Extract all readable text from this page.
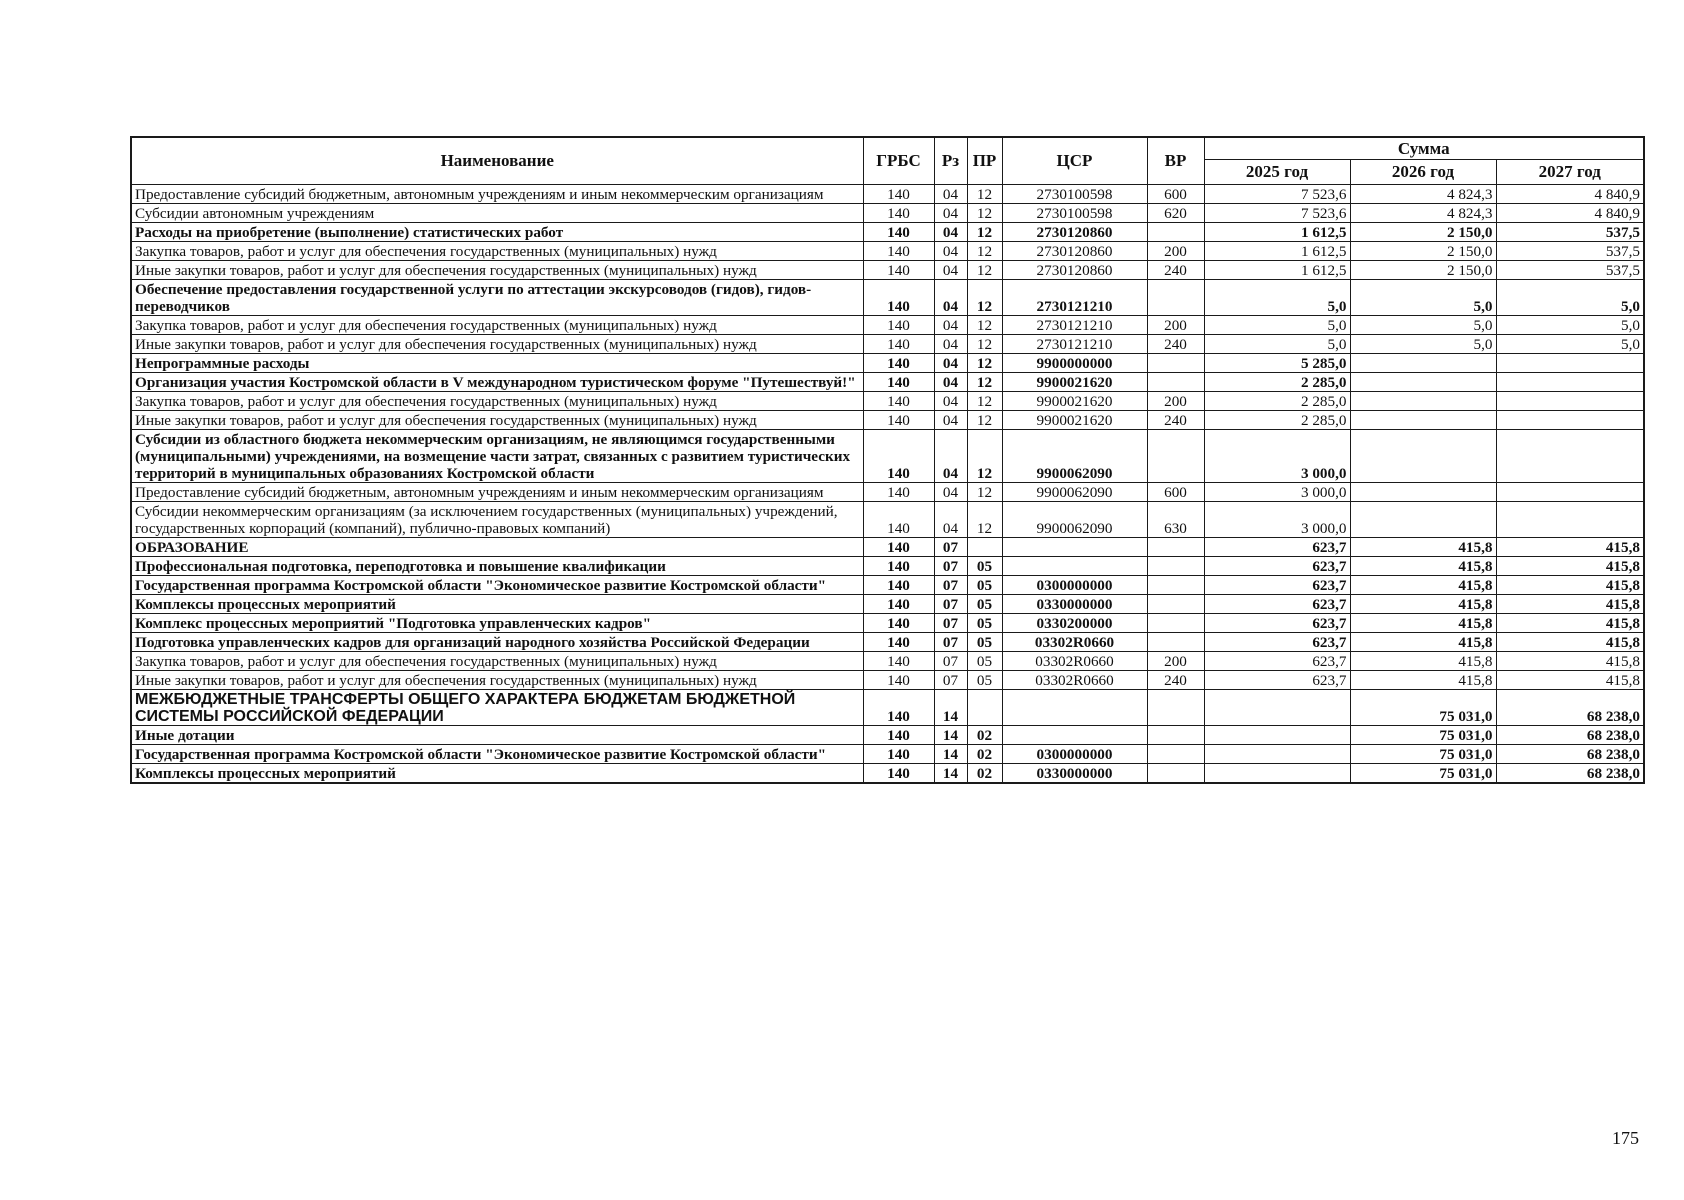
Наименование	ГРБС	Рз	ПР	ЦСР	ВР	Сумма		
						2025 год	2026 год	2027 год
Предоставление субсидий бюджетным, автономным учреждениям и иным некоммерческим организациям	140	04	12	2730100598	600	7 523,6	4 824,3	4 840,9
Субсидии автономным учреждениям	140	04	12	2730100598	620	7 523,6	4 824,3	4 840,9
Расходы на приобретение (выполнение) статистических работ	140	04	12	2730120860		1 612,5	2 150,0	537,5
Закупка товаров, работ и услуг для обеспечения государственных (муниципальных) нужд	140	04	12	2730120860	200	1 612,5	2 150,0	537,5
Иные закупки товаров, работ и услуг для обеспечения государственных (муниципальных) нужд	140	04	12	2730120860	240	1 612,5	2 150,0	537,5
Обеспечение предоставления государственной услуги по аттестации экскурсоводов (гидов), гидов-переводчиков	140	04	12	2730121210		5,0	5,0	5,0
Закупка товаров, работ и услуг для обеспечения государственных (муниципальных) нужд	140	04	12	2730121210	200	5,0	5,0	5,0
Иные закупки товаров, работ и услуг для обеспечения государственных (муниципальных) нужд	140	04	12	2730121210	240	5,0	5,0	5,0
Непрограммные расходы	140	04	12	9900000000		5 285,0		
Организация участия Костромской области в V международном туристическом форуме "Путешествуй!"	140	04	12	9900021620		2 285,0		
Закупка товаров, работ и услуг для обеспечения государственных (муниципальных) нужд	140	04	12	9900021620	200	2 285,0		
Иные закупки товаров, работ и услуг для обеспечения государственных (муниципальных) нужд	140	04	12	9900021620	240	2 285,0		
Субсидии из областного бюджета некоммерческим организациям, не являющимся государственными (муниципальными) учреждениями, на возмещение части затрат, связанных с развитием туристических территорий в муниципальных образованиях Костромской области	140	04	12	9900062090		3 000,0		
Предоставление субсидий бюджетным, автономным учреждениям и иным некоммерческим организациям	140	04	12	9900062090	600	3 000,0		
Субсидии некоммерческим организациям (за исключением государственных (муниципальных) учреждений, государственных корпораций (компаний), публично-правовых компаний)	140	04	12	9900062090	630	3 000,0		
ОБРАЗОВАНИЕ	140	07				623,7	415,8	415,8
Профессиональная подготовка, переподготовка и повышение квалификации	140	07	05			623,7	415,8	415,8
Государственная программа Костромской области "Экономическое развитие Костромской области"	140	07	05	0300000000		623,7	415,8	415,8
Комплексы процессных мероприятий	140	07	05	0330000000		623,7	415,8	415,8
Комплекс процессных мероприятий "Подготовка управленческих кадров"	140	07	05	0330200000		623,7	415,8	415,8
Подготовка управленческих кадров для организаций народного хозяйства Российской Федерации	140	07	05	03302R0660		623,7	415,8	415,8
Закупка товаров, работ и услуг для обеспечения государственных (муниципальных) нужд	140	07	05	03302R0660	200	623,7	415,8	415,8
Иные закупки товаров, работ и услуг для обеспечения государственных (муниципальных) нужд	140	07	05	03302R0660	240	623,7	415,8	415,8
МЕЖБЮДЖЕТНЫЕ ТРАНСФЕРТЫ ОБЩЕГО ХАРАКТЕРА БЮДЖЕТАМ БЮДЖЕТНОЙ СИСТЕМЫ РОССИЙСКОЙ ФЕДЕРАЦИИ	140	14					75 031,0	68 238,0
Иные дотации	140	14	02				75 031,0	68 238,0
Государственная программа Костромской области "Экономическое развитие Костромской области"	140	14	02	0300000000			75 031,0	68 238,0
Комплексы процессных мероприятий	140	14	02	0330000000			75 031,0	68 238,0
175
